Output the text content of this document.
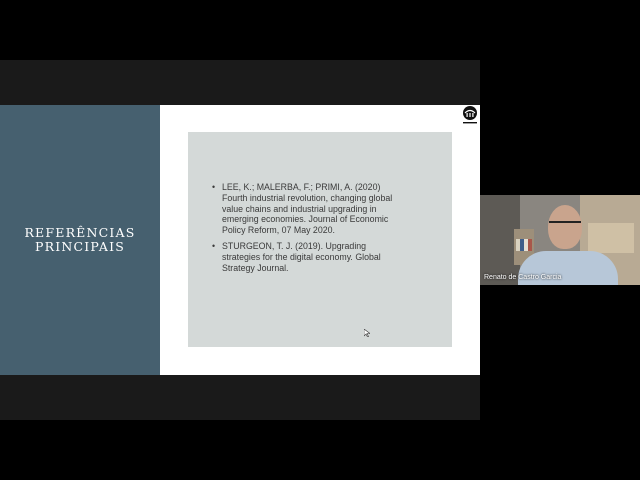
REFERÊNCIAS
PRINCIPAIS
• LEE, K.; MALERBA, F.; PRIMI, A. (2020) Fourth industrial revolution, changing global value chains and industrial upgrading in emerging economies. Journal of Economic Policy Reform, 07 May 2020.
• STURGEON, T. J. (2019). Upgrading strategies for the digital economy. Global Strategy Journal.
Renato de Castro Garcia
